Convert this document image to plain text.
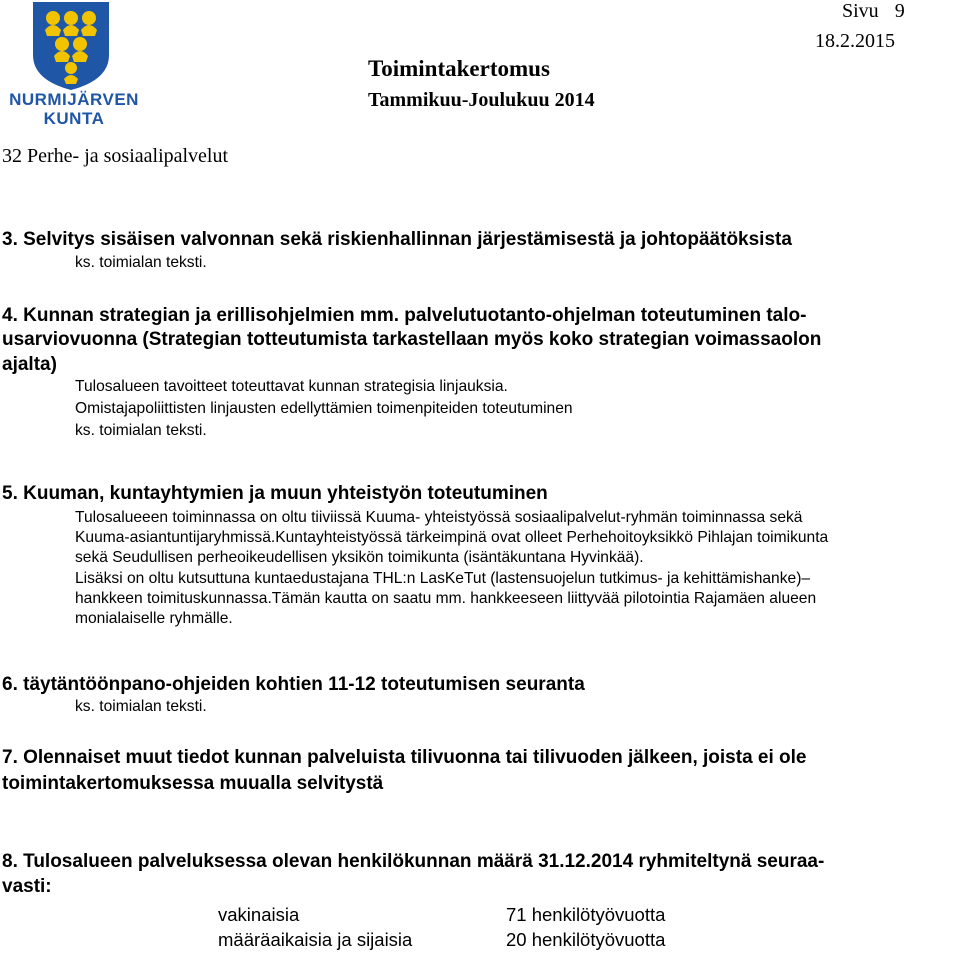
NURMIJÄRVEN
KUNTA
32 Perhe- ja sosiaalipalvelut
Toimintakertomus
Tammikuu-Joulukuu 2014
Sivu 9
18.2.2015
3. Selvitys sisäisen valvonnan sekä riskienhallinnan järjestämisestä ja johtopäätöksista
ks. toimialan teksti.
4. Kunnan strategian ja erillisohjelmien mm. palvelutuotanto-ohjelman toteutuminen talo-
usarviovuonna (Strategian totteutumista tarkastellaan myös koko strategian voimassaolon
ajalta)
Tulosalueen tavoitteet toteuttavat kunnan strategisia linjauksia.
Omistajapoliittisten linjausten edellyttämien toimenpiteiden toteutuminen
ks. toimialan teksti.
5. Kuuman, kuntayhtymien ja muun yhteistyön toteutuminen
Tulosalueeen toiminnassa on oltu tiiviissä Kuuma- yhteistyössä sosiaalipalvelut-ryhmän toiminnassa sekä
Kuuma-asiantuntijaryhmissä.Kuntayhteistyössä tärkeimpinä ovat olleet Perhehoitoyksikkö Pihlajan toimikunta
sekä Seudullisen perheoikeudellisen yksikön toimikunta (isäntäkuntana Hyvinkää).
Lisäksi on oltu kutsuttuna kuntaedustajana THL:n LasKeTut (lastensuojelun tutkimus- ja kehittämishanke)–
hankkeen toimituskunnassa.Tämän kautta on saatu mm. hankkeeseen liittyvää pilotointia Rajamäen alueen
monialaiselle ryhmälle.
6. täytäntöönpano-ohjeiden kohtien 11-12 toteutumisen seuranta
ks. toimialan teksti.
7. Olennaiset muut tiedot kunnan palveluista tilivuonna tai tilivuoden jälkeen, joista ei ole
toimintakertomuksessa muualla selvitystä
8. Tulosalueen palveluksessa olevan henkilökunnan määrä 31.12.2014 ryhmiteltynä seuraa-
vasti:
vakinaisia	71 henkilötyövuotta
määräaikaisia ja sijaisia	20 henkilötyövuotta
